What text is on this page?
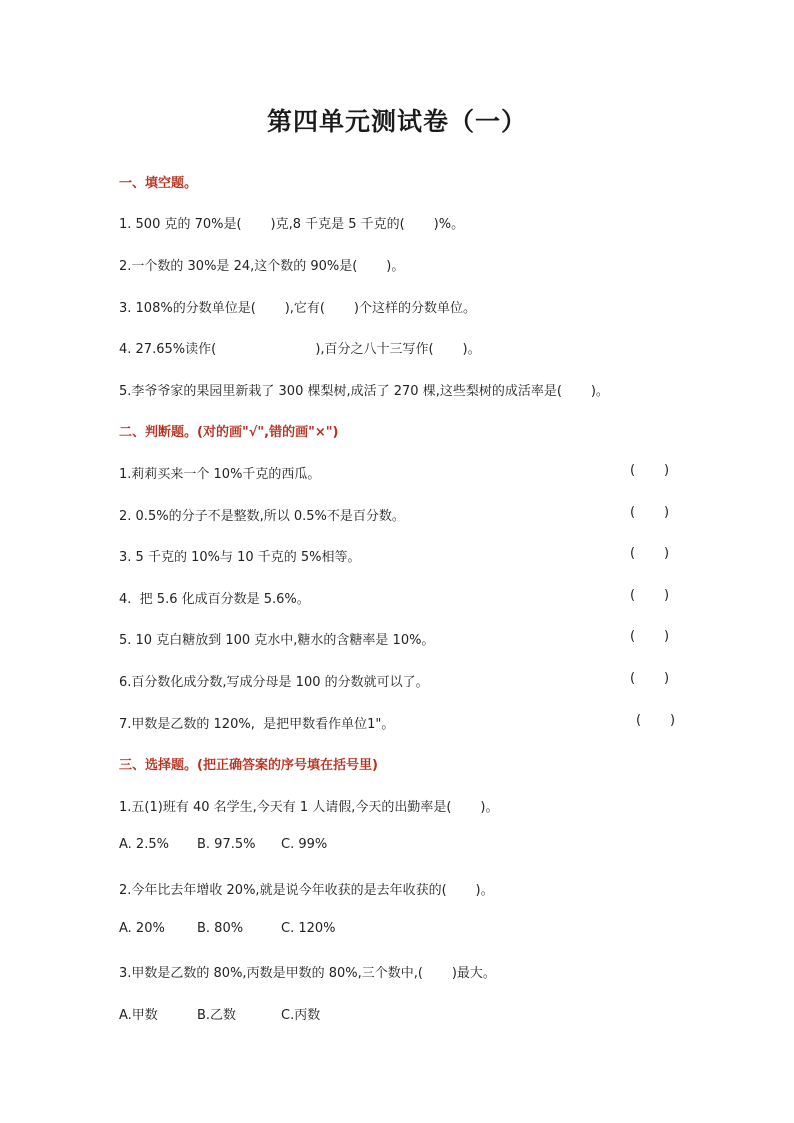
第四单元测试卷（一）
一、填空题。
1. 500 克的 70%是(       )克,8 千克是 5 千克的(       )%。
2.一个数的 30%是 24,这个数的 90%是(       )。
3. 108%的分数单位是(       ),它有(       )个这样的分数单位。
4. 27.65%读作(                        ),百分之八十三写作(       )。
5.李爷爷家的果园里新栽了 300 棵梨树,成活了 270 棵,这些梨树的成活率是(       )。
二、判断题。(对的画"√",错的画"×")
1.莉莉买来一个 10%千克的西瓜。	(       )
2. 0.5%的分子不是整数,所以 0.5%不是百分数。	(       )
3. 5 千克的 10%与 10 千克的 5%相等。	(       )
4.  把 5.6 化成百分数是 5.6%。	(       )
5. 10 克白糖放到 100 克水中,糖水的含糖率是 10%。	(       )
6.百分数化成分数,写成分母是 100 的分数就可以了。	(       )
7.甲数是乙数的 120%,  是把甲数看作单位1"。	(       )
三、选择题。(把正确答案的序号填在括号里)
1.五(1)班有 40 名学生,今天有 1 人请假,今天的出勤率是(       )。
A. 2.5% B. 97.5% C. 99%
2.今年比去年增收 20%,就是说今年收获的是去年收获的(       )。
A. 20% B. 80%	C. 120%
3.甲数是乙数的 80%,丙数是甲数的 80%,三个数中,(       )最大。
A.甲数	B.乙数	C.丙数
